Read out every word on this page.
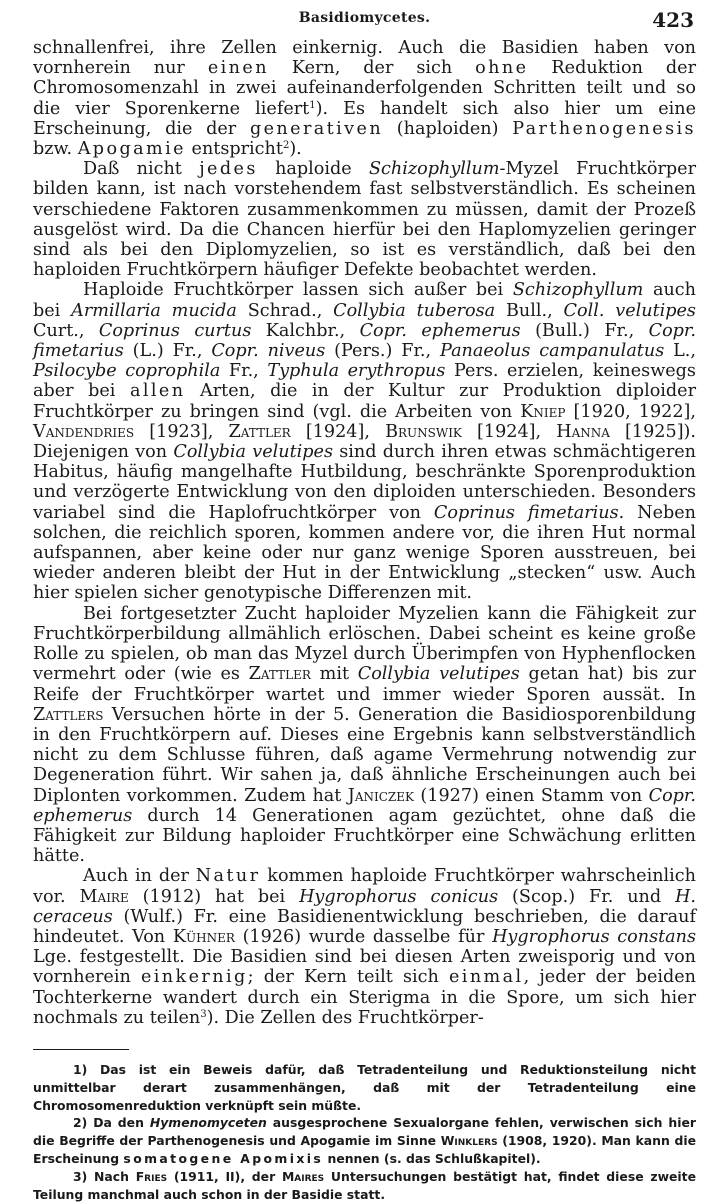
Basidiomycetes.	423

schnallenfrei, ihre Zellen einkernig. Auch die Basidien haben von vornherein nur einen Kern, der sich ohne Reduktion der Chromosomenzahl in zwei aufeinanderfolgenden Schritten teilt und so die vier Sporenkerne liefert$^1$). Es handelt sich also hier um eine Erscheinung, die der generativen (haploiden) Parthenogenesis bzw. Apogamie entspricht$^2$).

Daß nicht jedes haploide Schizophyllum-Myzel Fruchtkörper bilden kann, ist nach vorstehendem fast selbstverständlich. Es scheinen verschiedene Faktoren zusammenkommen zu müssen, damit der Prozeß ausgelöst wird. Da die Chancen hierfür bei den Haplomyzelien geringer sind als bei den Diplomyzelien, so ist es verständlich, daß bei den haploiden Fruchtkörpern häufiger Defekte beobachtet werden.

Haploide Fruchtkörper lassen sich außer bei Schizophyllum auch bei Armillaria mucida Schrad., Collybia tuberosa Bull., Coll. velutipes Curt., Coprinus curtus Kalchbr., Copr. ephemerus (Bull.) Fr., Copr. fimetarius (L.) Fr., Copr. niveus (Pers.) Fr., Panaeolus campanulatus L., Psilocybe coprophila Fr., Typhula erythropus Pers. erzielen, keineswegs aber bei allen Arten, die in der Kultur zur Produktion diploider Fruchtkörper zu bringen sind (vgl. die Arbeiten von Kniep [1920, 1922], Vandendries [1923], Zattler [1924], Brunswik [1924], Hanna [1925]). Diejenigen von Collybia velutipes sind durch ihren etwas schmächtigeren Habitus, häufig mangelhafte Hutbildung, beschränkte Sporenproduktion und verzögerte Entwicklung von den diploiden unterschieden. Besonders variabel sind die Haplofruchtkörper von Coprinus fimetarius. Neben solchen, die reichlich sporen, kommen andere vor, die ihren Hut normal aufspannen, aber keine oder nur ganz wenige Sporen ausstreuen, bei wieder anderen bleibt der Hut in der Entwicklung „stecken“ usw. Auch hier spielen sicher genotypische Differenzen mit.

Bei fortgesetzter Zucht haploider Myzelien kann die Fähigkeit zur Fruchtkörperbildung allmählich erlöschen. Dabei scheint es keine große Rolle zu spielen, ob man das Myzel durch Überimpfen von Hyphenflocken vermehrt oder (wie es Zattler mit Collybia velutipes getan hat) bis zur Reife der Fruchtkörper wartet und immer wieder Sporen aussät. In Zattlers Versuchen hörte in der 5. Generation die Basidiosporenbildung in den Fruchtkörpern auf. Dieses eine Ergebnis kann selbstverständlich nicht zu dem Schlusse führen, daß agame Vermehrung notwendig zur Degeneration führt. Wir sahen ja, daß ähnliche Erscheinungen auch bei Diplonten vorkommen. Zudem hat Janiczek (1927) einen Stamm von Copr. ephemerus durch 14 Generationen agam gezüchtet, ohne daß die Fähigkeit zur Bildung haploider Fruchtkörper eine Schwächung erlitten hätte.

Auch in der Natur kommen haploide Fruchtkörper wahrscheinlich vor. Maire (1912) hat bei Hygrophorus conicus (Scop.) Fr. und H. ceraceus (Wulf.) Fr. eine Basidienentwicklung beschrieben, die darauf hindeutet. Von Kühner (1926) wurde dasselbe für Hygrophorus constans Lge. festgestellt. Die Basidien sind bei diesen Arten zweisporig und von vornherein einkernig; der Kern teilt sich einmal, jeder der beiden Tochterkerne wandert durch ein Sterigma in die Spore, um sich hier nochmals zu teilen$^3$). Die Zellen des Fruchtkörper-

1) Das ist ein Beweis dafür, daß Tetradenteilung und Reduktionsteilung nicht unmittelbar derart zusammenhängen, daß mit der Tetradenteilung eine Chromosomenreduktion verknüpft sein müßte.

2) Da den Hymenomyceten ausgesprochene Sexualorgane fehlen, verwischen sich hier die Begriffe der Parthenogenesis und Apogamie im Sinne Winklers (1908, 1920). Man kann die Erscheinung somatogene Apomixis nennen (s. das Schlußkapitel).

3) Nach Fries (1911, II), der Maires Untersuchungen bestätigt hat, findet diese zweite Teilung manchmal auch schon in der Basidie statt.
